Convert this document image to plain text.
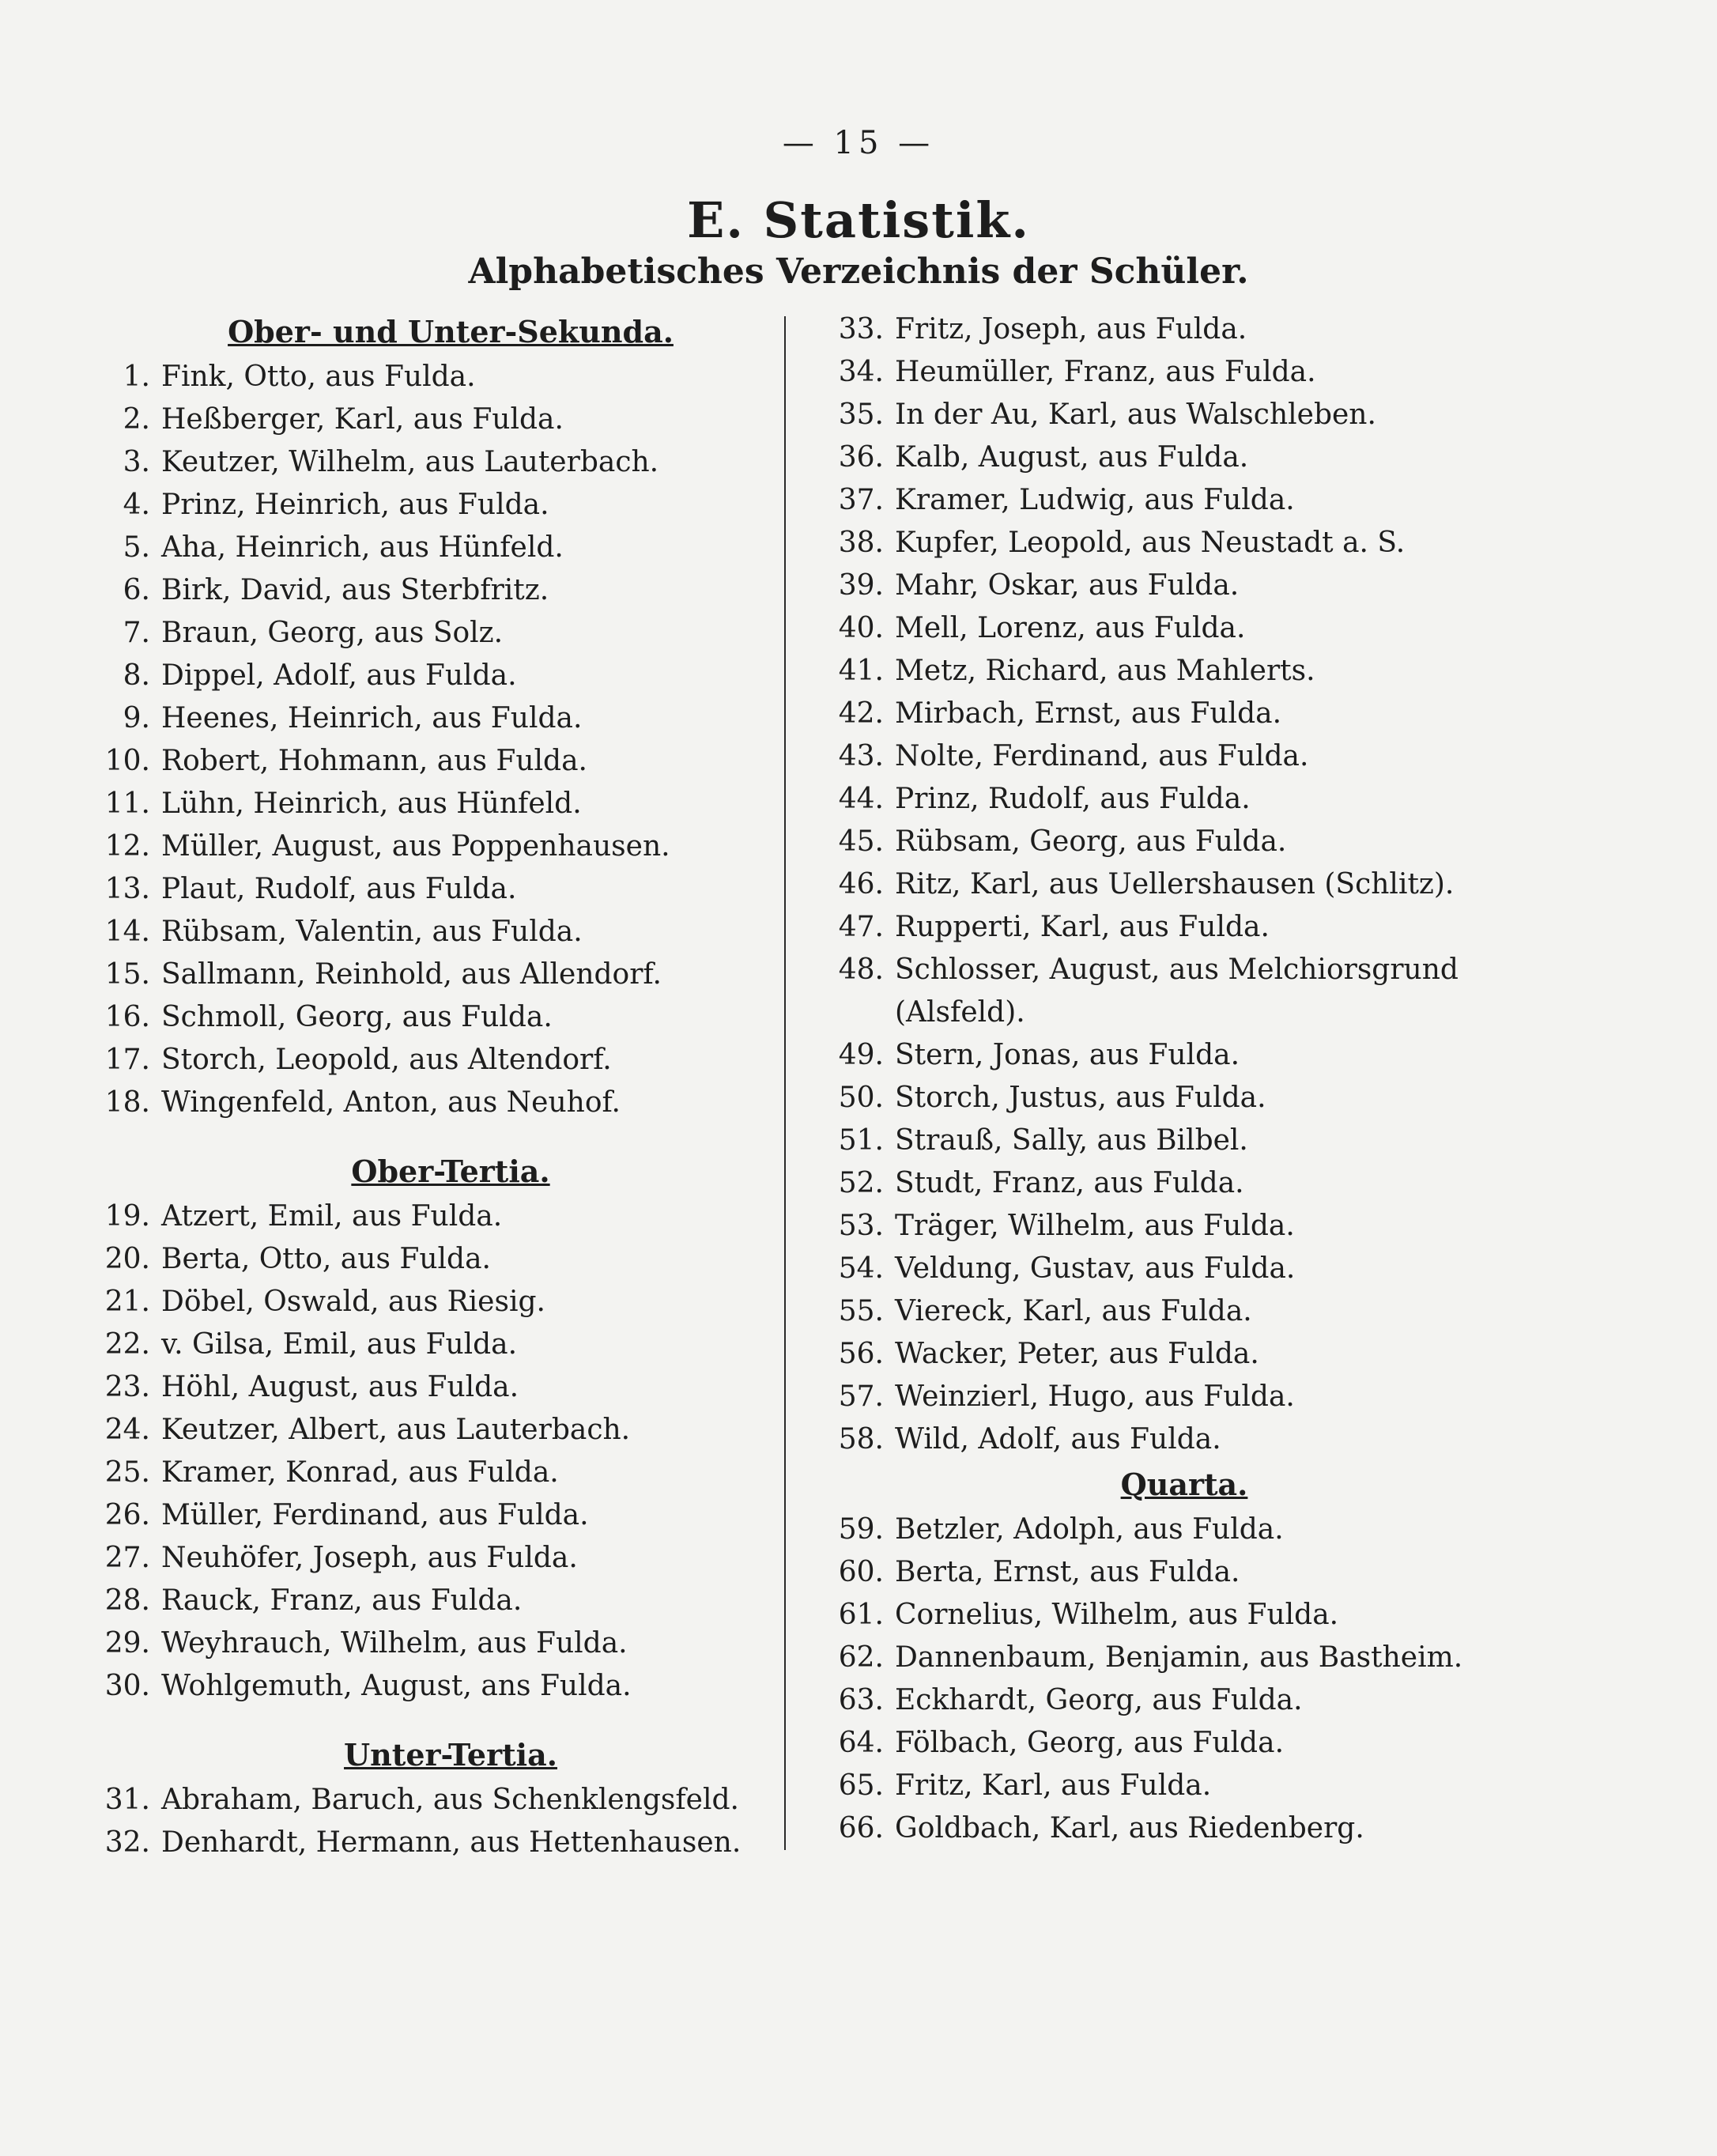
— 15 —
E. Statistik.
Alphabetisches Verzeichnis der Schüler.
Ober- und Unter-Sekunda.
1. Fink, Otto, aus Fulda.
2. Heßberger, Karl, aus Fulda.
3. Keutzer, Wilhelm, aus Lauterbach.
4. Prinz, Heinrich, aus Fulda.
5. Aha, Heinrich, aus Hünfeld.
6. Birk, David, aus Sterbfritz.
7. Braun, Georg, aus Solz.
8. Dippel, Adolf, aus Fulda.
9. Heenes, Heinrich, aus Fulda.
10. Robert, Hohmann, aus Fulda.
11. Lühn, Heinrich, aus Hünfeld.
12. Müller, August, aus Poppenhausen.
13. Plaut, Rudolf, aus Fulda.
14. Rübsam, Valentin, aus Fulda.
15. Sallmann, Reinhold, aus Allendorf.
16. Schmoll, Georg, aus Fulda.
17. Storch, Leopold, aus Altendorf.
18. Wingenfeld, Anton, aus Neuhof.
Ober-Tertia.
19. Atzert, Emil, aus Fulda.
20. Berta, Otto, aus Fulda.
21. Döbel, Oswald, aus Riesig.
22. v. Gilsa, Emil, aus Fulda.
23. Höhl, August, aus Fulda.
24. Keutzer, Albert, aus Lauterbach.
25. Kramer, Konrad, aus Fulda.
26. Müller, Ferdinand, aus Fulda.
27. Neuhöfer, Joseph, aus Fulda.
28. Rauck, Franz, aus Fulda.
29. Weyhrauch, Wilhelm, aus Fulda.
30. Wohlgemuth, August, ans Fulda.
Unter-Tertia.
31. Abraham, Baruch, aus Schenklengsfeld.
32. Denhardt, Hermann, aus Hettenhausen.
33. Fritz, Joseph, aus Fulda.
34. Heumüller, Franz, aus Fulda.
35. In der Au, Karl, aus Walschleben.
36. Kalb, August, aus Fulda.
37. Kramer, Ludwig, aus Fulda.
38. Kupfer, Leopold, aus Neustadt a. S.
39. Mahr, Oskar, aus Fulda.
40. Mell, Lorenz, aus Fulda.
41. Metz, Richard, aus Mahlerts.
42. Mirbach, Ernst, aus Fulda.
43. Nolte, Ferdinand, aus Fulda.
44. Prinz, Rudolf, aus Fulda.
45. Rübsam, Georg, aus Fulda.
46. Ritz, Karl, aus Uellershausen (Schlitz).
47. Rupperti, Karl, aus Fulda.
48. Schlosser, August, aus Melchiorsgrund
(Alsfeld).
49. Stern, Jonas, aus Fulda.
50. Storch, Justus, aus Fulda.
51. Strauß, Sally, aus Bilbel.
52. Studt, Franz, aus Fulda.
53. Träger, Wilhelm, aus Fulda.
54. Veldung, Gustav, aus Fulda.
55. Viereck, Karl, aus Fulda.
56. Wacker, Peter, aus Fulda.
57. Weinzierl, Hugo, aus Fulda.
58. Wild, Adolf, aus Fulda.
Quarta.
59. Betzler, Adolph, aus Fulda.
60. Berta, Ernst, aus Fulda.
61. Cornelius, Wilhelm, aus Fulda.
62. Dannenbaum, Benjamin, aus Bastheim.
63. Eckhardt, Georg, aus Fulda.
64. Fölbach, Georg, aus Fulda.
65. Fritz, Karl, aus Fulda.
66. Goldbach, Karl, aus Riedenberg.
